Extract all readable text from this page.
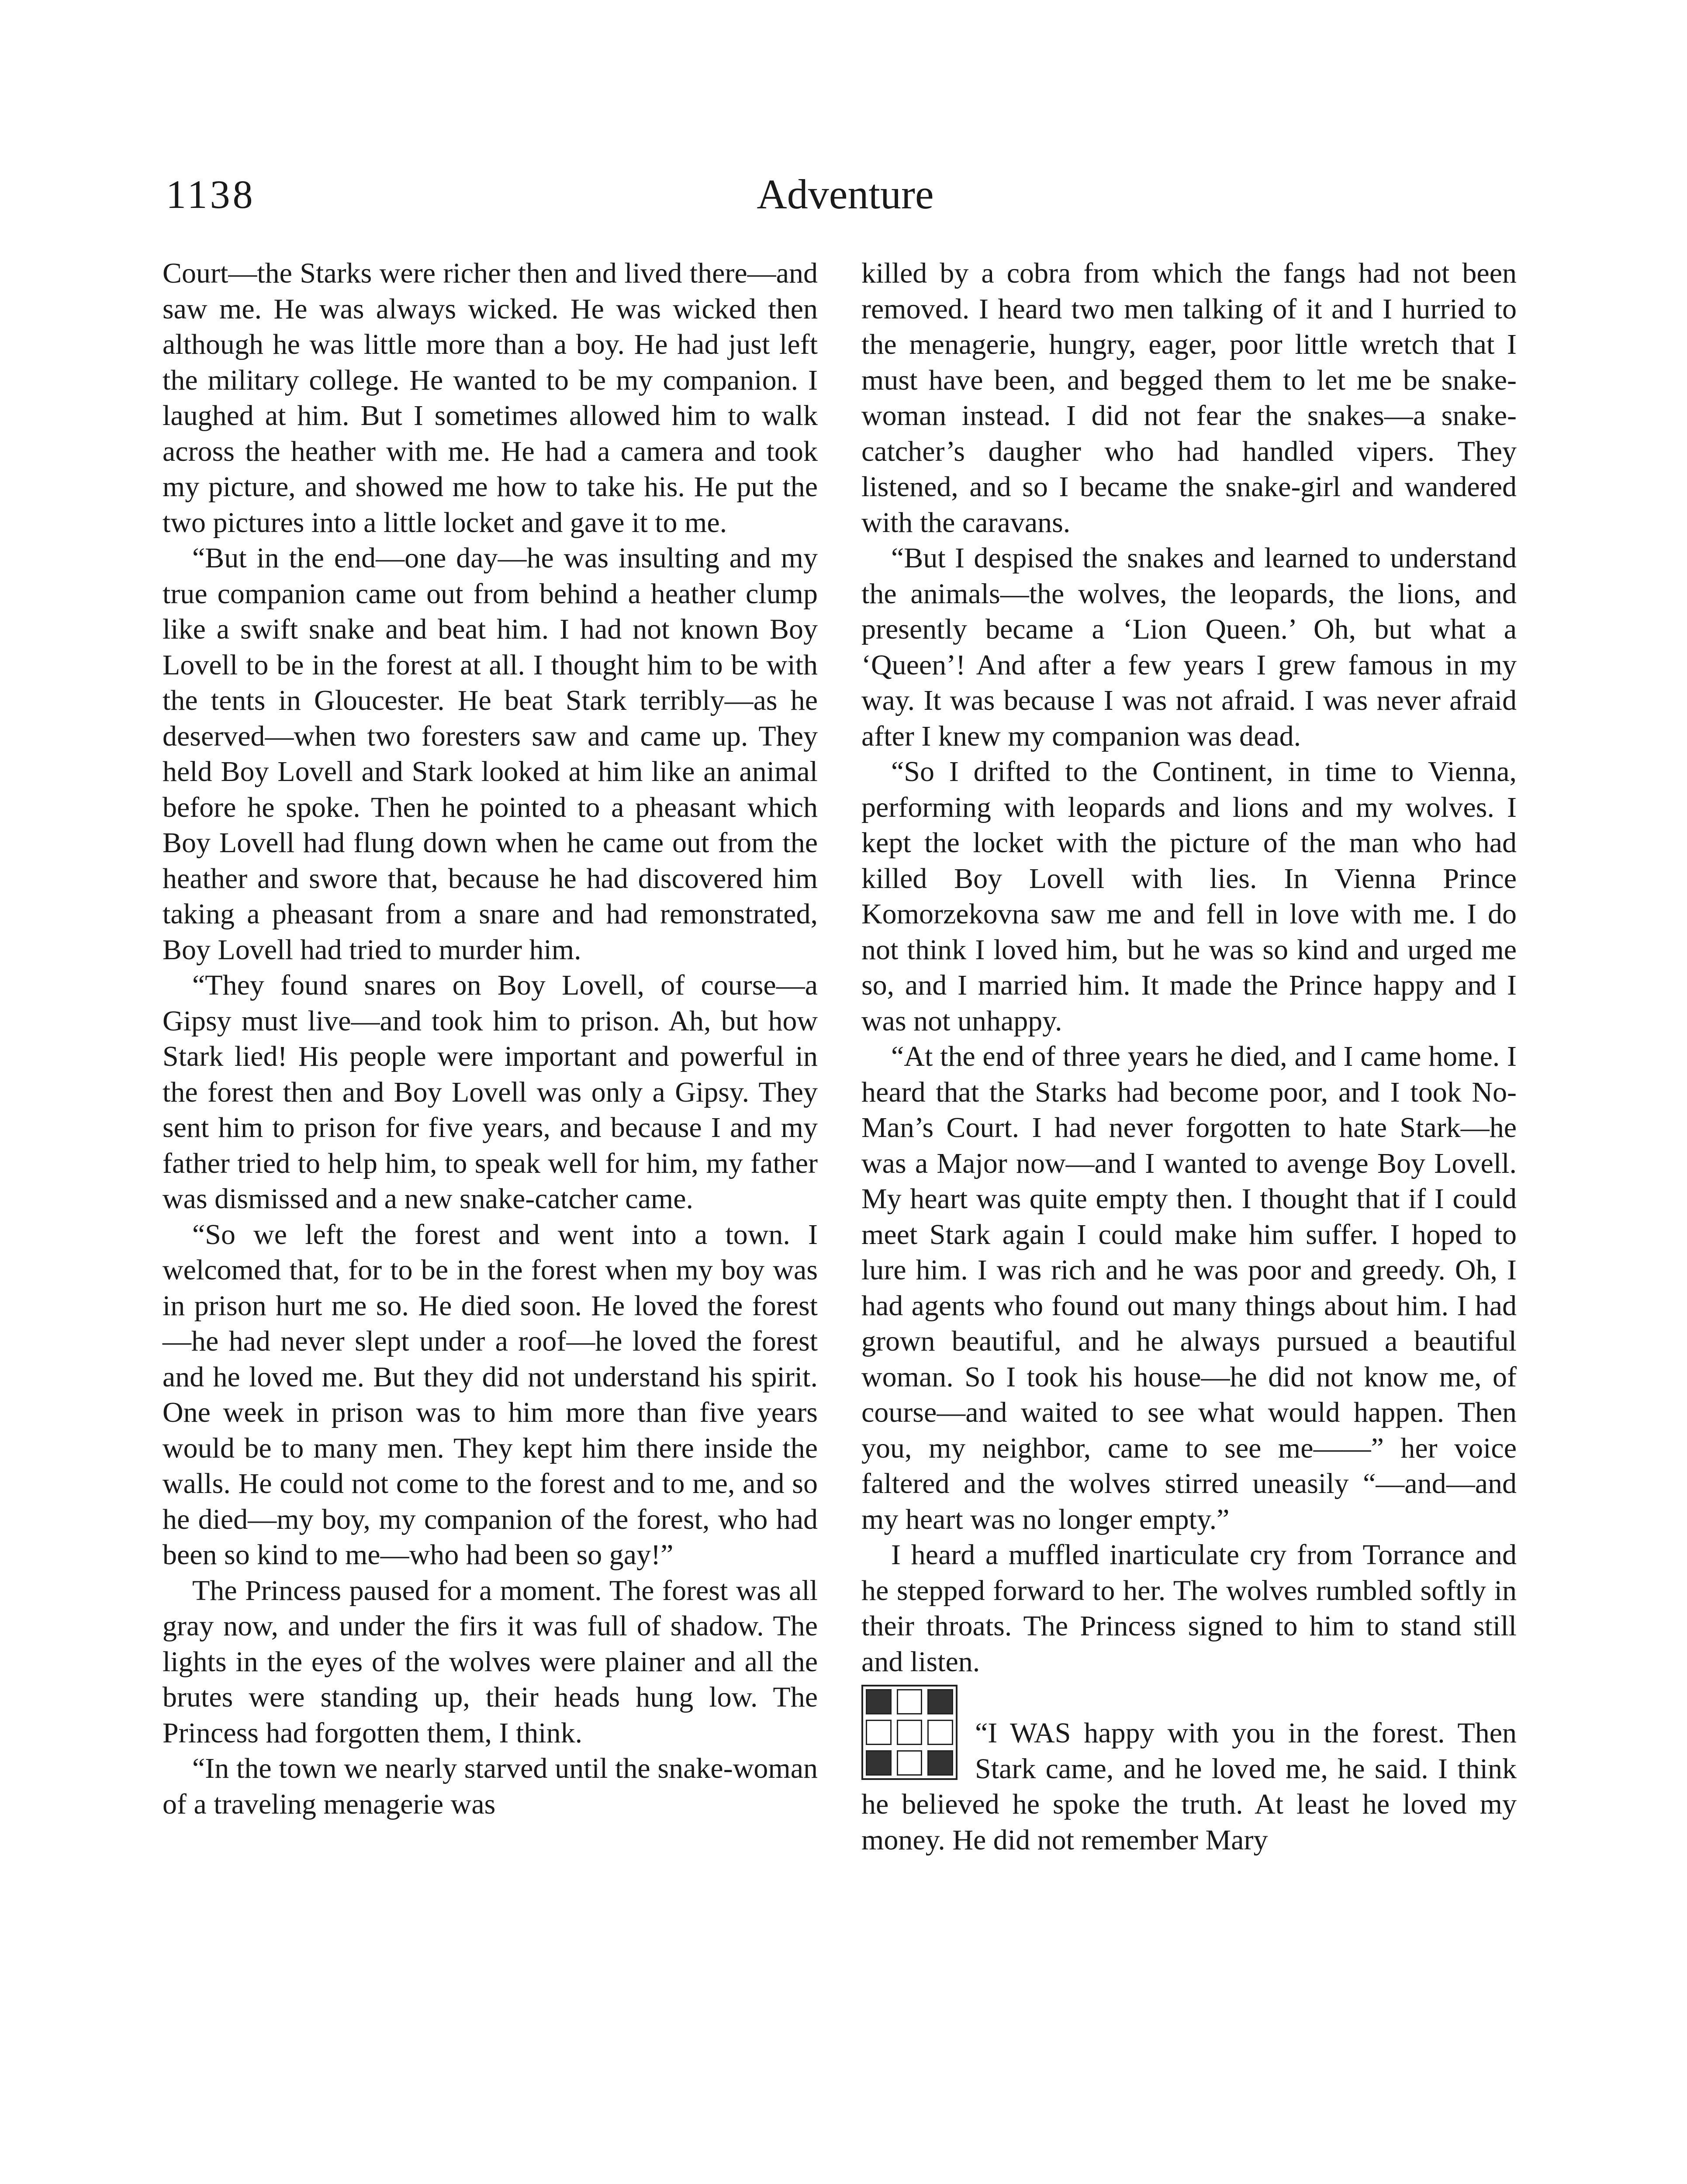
1138	Adventure

Court—the Starks were richer then and lived there—and saw me. He was always wicked. He was wicked then although he was little more than a boy. He had just left the military college. He wanted to be my companion. I laughed at him. But I sometimes allowed him to walk across the heather with me. He had a camera and took my picture, and showed me how to take his. He put the two pictures into a little locket and gave it to me.

“But in the end—one day—he was insulting and my true companion came out from behind a heather clump like a swift snake and beat him. I had not known Boy Lovell to be in the forest at all. I thought him to be with the tents in Gloucester. He beat Stark terribly—as he deserved—when two foresters saw and came up. They held Boy Lovell and Stark looked at him like an animal before he spoke. Then he pointed to a pheasant which Boy Lovell had flung down when he came out from the heather and swore that, because he had discovered him taking a pheasant from a snare and had remonstrated, Boy Lovell had tried to murder him.

“They found snares on Boy Lovell, of course—a Gipsy must live—and took him to prison. Ah, but how Stark lied! His people were important and powerful in the forest then and Boy Lovell was only a Gipsy. They sent him to prison for five years, and because I and my father tried to help him, to speak well for him, my father was dismissed and a new snake-catcher came.

“So we left the forest and went into a town. I welcomed that, for to be in the forest when my boy was in prison hurt me so. He died soon. He loved the forest—he had never slept under a roof—he loved the forest and he loved me. But they did not understand his spirit. One week in prison was to him more than five years would be to many men. They kept him there inside the walls. He could not come to the forest and to me, and so he died—my boy, my companion of the forest, who had been so kind to me—who had been so gay!”

The Princess paused for a moment. The forest was all gray now, and under the firs it was full of shadow. The lights in the eyes of the wolves were plainer and all the brutes were standing up, their heads hung low. The Princess had forgotten them, I think.

“In the town we nearly starved until the snake-woman of a traveling menagerie was

killed by a cobra from which the fangs had not been removed. I heard two men talking of it and I hurried to the menagerie, hungry, eager, poor little wretch that I must have been, and begged them to let me be snake-woman instead. I did not fear the snakes—a snake-catcher’s daugher who had handled vipers. They listened, and so I became the snake-girl and wandered with the caravans.

“But I despised the snakes and learned to understand the animals—the wolves, the leopards, the lions, and presently became a ‘Lion Queen.’ Oh, but what a ‘Queen’! And after a few years I grew famous in my way. It was because I was not afraid. I was never afraid after I knew my companion was dead.

“So I drifted to the Continent, in time to Vienna, performing with leopards and lions and my wolves. I kept the locket with the picture of the man who had killed Boy Lovell with lies. In Vienna Prince Komorzekovna saw me and fell in love with me. I do not think I loved him, but he was so kind and urged me so, and I married him. It made the Prince happy and I was not unhappy.

“At the end of three years he died, and I came home. I heard that the Starks had become poor, and I took No-Man’s Court. I had never forgotten to hate Stark—he was a Major now—and I wanted to avenge Boy Lovell. My heart was quite empty then. I thought that if I could meet Stark again I could make him suffer. I hoped to lure him. I was rich and he was poor and greedy. Oh, I had agents who found out many things about him. I had grown beautiful, and he always pursued a beautiful woman. So I took his house—he did not know me, of course—and waited to see what would happen. Then you, my neighbor, came to see me——” her voice faltered and the wolves stirred uneasily “—and—and my heart was no longer empty.”

I heard a muffled inarticulate cry from Torrance and he stepped forward to her. The wolves rumbled softly in their throats. The Princess signed to him to stand still and listen.

“I WAS happy with you in the forest. Then Stark came, and he loved me, he said. I think he believed he spoke the truth. At least he loved my money. He did not remember Mary
